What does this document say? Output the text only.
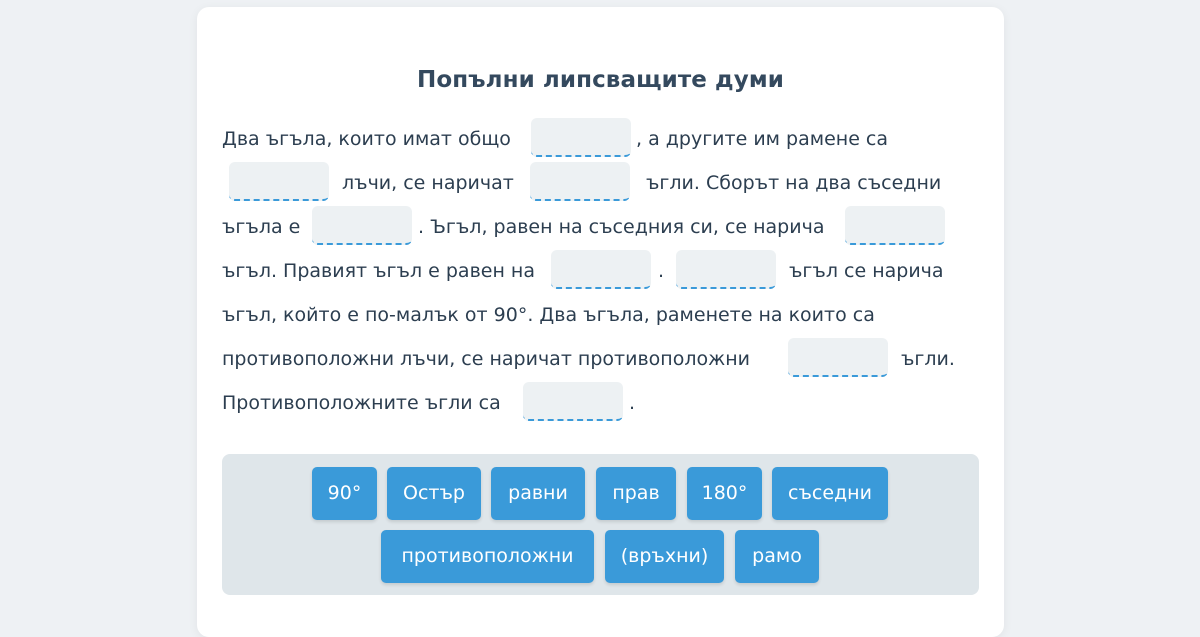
Попълни липсващите думи
Два ъгъла, които имат общо	, а другите им рамене са
лъчи, се наричат	ъгли. Сборът на два съседни
ъгъла е	. Ъгъл, равен на съседния си, се нарича
ъгъл. Правият ъгъл е равен на	.	ъгъл се нарича
ъгъл, който е по-малък от 90°. Два ъгъла, раменете на които са
противоположни лъчи, се наричат противоположни	ъгли.
Противоположните ъгли са	.
90°	Остър	равни	прав	180°	съседни
противоположни	(връхни)	рамо
